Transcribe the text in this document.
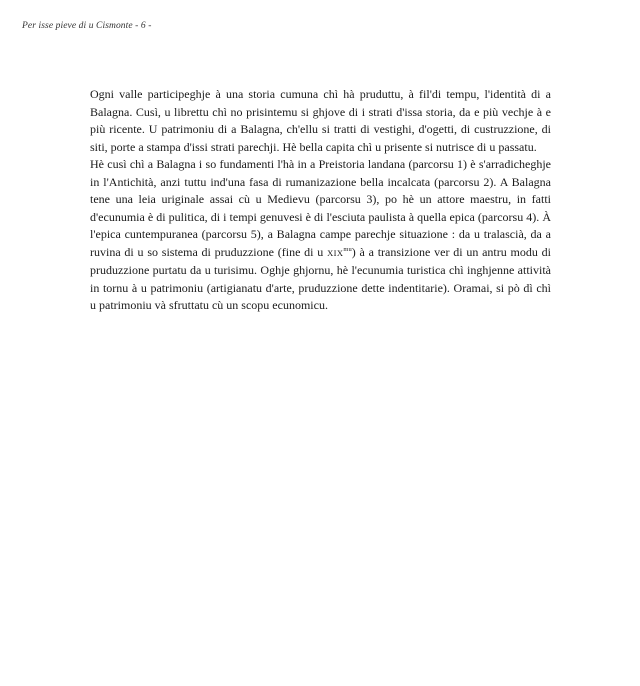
Per isse pieve di u Cismonte - 6 -

Ogni valle participeghje à una storia cumuna chì hà pruduttu, à fil'di tempu, l'identità di a Balagna. Cusì, u librettu chì no prisintemu si ghjove di i strati d'issa storia, da e più vechje à e più ricente. U patrimoniu di a Balagna, ch'ellu si tratti di vestighi, d'ogetti, di custruzzione, di siti, porte a stampa d'issi strati parechji. Hè bella capita chì u prisente si nutrisce di u passatu.

Hè cusì chì a Balagna i so fundamenti l'hà in a Preistoria landana (parcorsu 1) è s'arradicheghje in l'Antichità, anzi tuttu ind'una fasa di rumanizazione bella incalcata (parcorsu 2). A Balagna tene una leia uriginale assai cù u Medievu (parcorsu 3), po hè un attore maestru, in fatti d'ecunumia è di pulitica, di i tempi genuvesi è di l'esciuta paulista à quella epica (parcorsu 4). À l'epica cuntempuranea (parcorsu 5), a Balagna campe parechje situazione : da u tralascià, da a ruvina di u so sistema di pruduzzione (fine di u $XIX^{mu}$) à a transizione ver di un antru modu di pruduzzione purtatu da u turisimu. Oghje ghjornu, hè l'ecunumia turistica chì inghjenne attività in tornu à u patrimoniu (artigianatu d'arte, pruduzzione dette indentitarie). Oramai, si pò dì chì u patrimoniu và sfruttatu cù un scopu ecunomicu.
